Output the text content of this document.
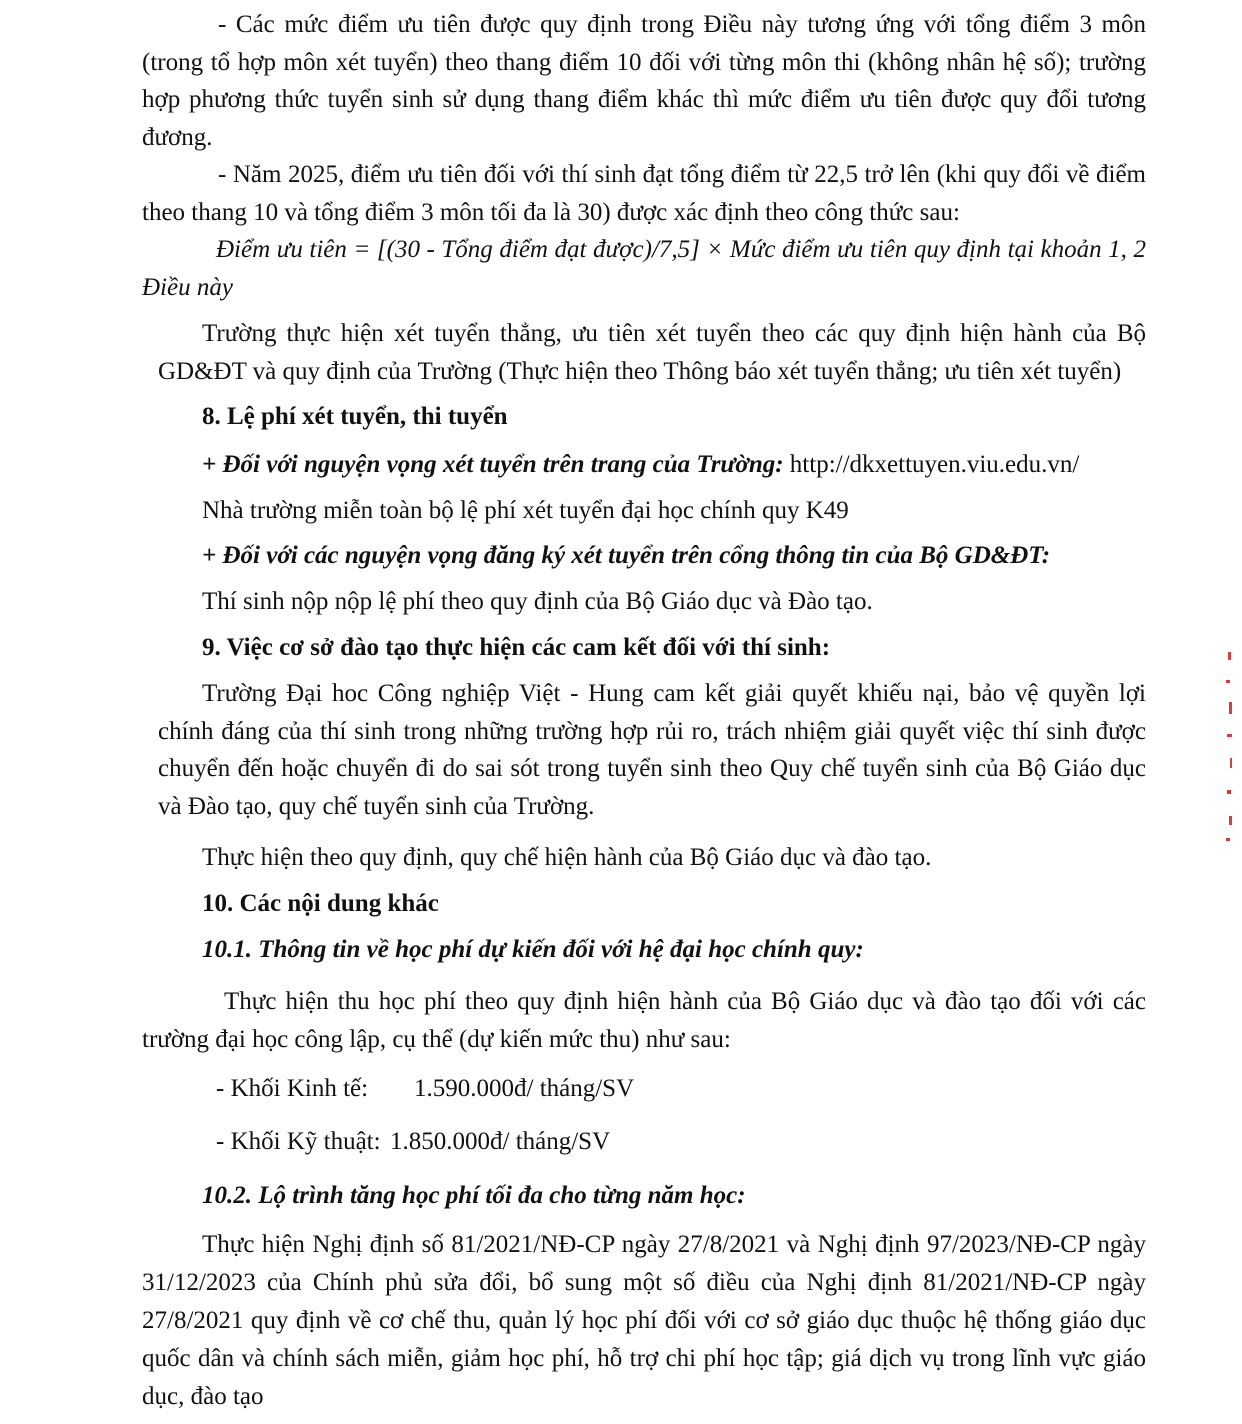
- Các mức điểm ưu tiên được quy định trong Điều này tương ứng với tổng điểm 3 môn (trong tổ hợp môn xét tuyển) theo thang điểm 10 đối với từng môn thi (không nhân hệ số); trường hợp phương thức tuyển sinh sử dụng thang điểm khác thì mức điểm ưu tiên được quy đổi tương đương.

- Năm 2025, điểm ưu tiên đối với thí sinh đạt tổng điểm từ 22,5 trở lên (khi quy đổi về điểm theo thang 10 và tổng điểm 3 môn tối đa là 30) được xác định theo công thức sau:

Điểm ưu tiên = [(30 - Tổng điểm đạt được)/7,5] × Mức điểm ưu tiên quy định tại khoản 1, 2 Điều này

Trường thực hiện xét tuyển thẳng, ưu tiên xét tuyển theo các quy định hiện hành của Bộ GD&ĐT và quy định của Trường (Thực hiện theo Thông báo xét tuyển thẳng; ưu tiên xét tuyển)

8. Lệ phí xét tuyển, thi tuyển

+ Đối với nguyện vọng xét tuyển trên trang của Trường: http://dkxettuyen.viu.edu.vn/

Nhà trường miễn toàn bộ lệ phí xét tuyển đại học chính quy K49

+ Đối với các nguyện vọng đăng ký xét tuyển trên cổng thông tin của Bộ GD&ĐT:

Thí sinh nộp nộp lệ phí theo quy định của Bộ Giáo dục và Đào tạo.

9. Việc cơ sở đào tạo thực hiện các cam kết đối với thí sinh:

Trường Đại hoc Công nghiệp Việt - Hung cam kết giải quyết khiếu nại, bảo vệ quyền lợi chính đáng của thí sinh trong những trường hợp rủi ro, trách nhiệm giải quyết việc thí sinh được chuyển đến hoặc chuyển đi do sai sót trong tuyển sinh theo Quy chế tuyển sinh của Bộ Giáo dục và Đào tạo, quy chế tuyển sinh của Trường.

Thực hiện theo quy định, quy chế hiện hành của Bộ Giáo dục và đào tạo.

10. Các nội dung khác

10.1. Thông tin về học phí dự kiến đối với hệ đại học chính quy:

Thực hiện thu học phí theo quy định hiện hành của Bộ Giáo dục và đào tạo đối với các trường đại học công lập, cụ thể (dự kiến mức thu) như sau:

- Khối Kinh tế: 1.590.000đ/ tháng/SV
- Khối Kỹ thuật: 1.850.000đ/ tháng/SV

10.2. Lộ trình tăng học phí tối đa cho từng năm học:

Thực hiện Nghị định số 81/2021/NĐ-CP ngày 27/8/2021 và Nghị định 97/2023/NĐ-CP ngày 31/12/2023 của Chính phủ sửa đổi, bổ sung một số điều của Nghị định 81/2021/NĐ-CP ngày 27/8/2021 quy định về cơ chế thu, quản lý học phí đối với cơ sở giáo dục thuộc hệ thống giáo dục quốc dân và chính sách miễn, giảm học phí, hỗ trợ chi phí học tập; giá dịch vụ trong lĩnh vực giáo dục, đào tạo
